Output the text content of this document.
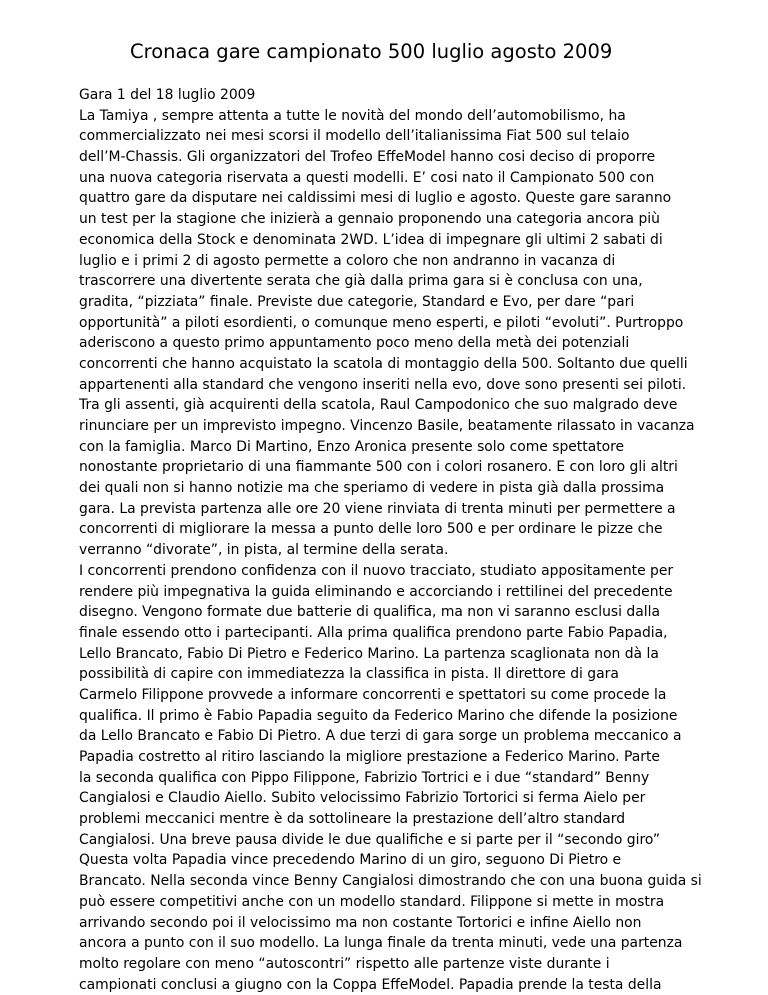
Cronaca gare campionato 500 luglio agosto 2009
Gara 1 del 18 luglio 2009
La Tamiya , sempre attenta a tutte le novità del mondo dell’automobilismo, ha
commercializzato nei mesi scorsi il modello dell’italianissima Fiat 500 sul telaio
dell’M-Chassis. Gli organizzatori del Trofeo EffeModel hanno cosi deciso di proporre
una nuova categoria riservata a questi modelli. E’ cosi nato il Campionato 500 con
quattro gare da disputare nei caldissimi mesi di luglio e agosto. Queste gare saranno
un test per la stagione che inizierà a gennaio proponendo una categoria ancora più
economica della Stock e denominata 2WD. L’idea di impegnare gli ultimi 2 sabati di
luglio e i primi 2 di agosto permette a coloro che non andranno in vacanza di
trascorrere una divertente serata che già dalla prima gara si è conclusa con una,
gradita, “pizziata” finale. Previste due categorie, Standard e Evo, per dare “pari
opportunità” a piloti esordienti, o comunque meno esperti, e piloti “evoluti”. Purtroppo
aderiscono a questo primo appuntamento poco meno della metà dei potenziali
concorrenti che hanno acquistato la scatola di montaggio della 500. Soltanto due quelli
appartenenti alla standard che vengono inseriti nella evo, dove sono presenti sei piloti.
Tra gli assenti, già acquirenti della scatola, Raul Campodonico che suo malgrado deve
rinunciare per un imprevisto impegno. Vincenzo Basile, beatamente rilassato in vacanza
con la famiglia. Marco Di Martino, Enzo Aronica presente solo come spettatore
nonostante proprietario di una fiammante 500 con i colori rosanero. E con loro gli altri
dei quali non si hanno notizie ma che speriamo di vedere in pista già dalla prossima
gara. La prevista partenza alle ore 20 viene rinviata di trenta minuti per permettere a
concorrenti di migliorare la messa a punto delle loro 500 e per ordinare le pizze che
verranno “divorate”, in pista, al termine della serata.
I concorrenti prendono confidenza con il nuovo tracciato, studiato appositamente per
rendere più impegnativa la guida eliminando e accorciando i rettilinei del precedente
disegno. Vengono formate due batterie di qualifica, ma non vi saranno esclusi dalla
finale essendo otto i partecipanti. Alla prima qualifica prendono parte Fabio Papadia,
Lello Brancato, Fabio Di Pietro e Federico Marino. La partenza scaglionata non dà la
possibilità di capire con immediatezza la classifica in pista. Il direttore di gara
Carmelo Filippone provvede a informare concorrenti e spettatori su come procede la
qualifica. Il primo è Fabio Papadia seguito da Federico Marino che difende la posizione
da Lello Brancato e Fabio Di Pietro. A due terzi di gara sorge un problema meccanico a
Papadia costretto al ritiro lasciando la migliore prestazione a Federico Marino. Parte
la seconda qualifica con Pippo Filippone, Fabrizio Tortrici e i due “standard” Benny
Cangialosi e Claudio Aiello. Subito velocissimo Fabrizio Tortorici si ferma Aielo per
problemi meccanici mentre è da sottolineare la prestazione dell’altro standard
Cangialosi. Una breve pausa divide le due qualifiche e si parte per il “secondo giro”
Questa volta Papadia vince precedendo Marino di un giro, seguono Di Pietro e
Brancato. Nella seconda vince Benny Cangialosi dimostrando che con una buona guida si
può essere competitivi anche con un modello standard. Filippone si mette in mostra
arrivando secondo poi il velocissimo ma non costante Tortorici e infine Aiello non
ancora a punto con il suo modello. La lunga finale da trenta minuti, vede una partenza
molto regolare con meno “autoscontri” rispetto alle partenze viste durante i
campionati conclusi a giugno con la Coppa EffeModel. Papadia prende la testa della
